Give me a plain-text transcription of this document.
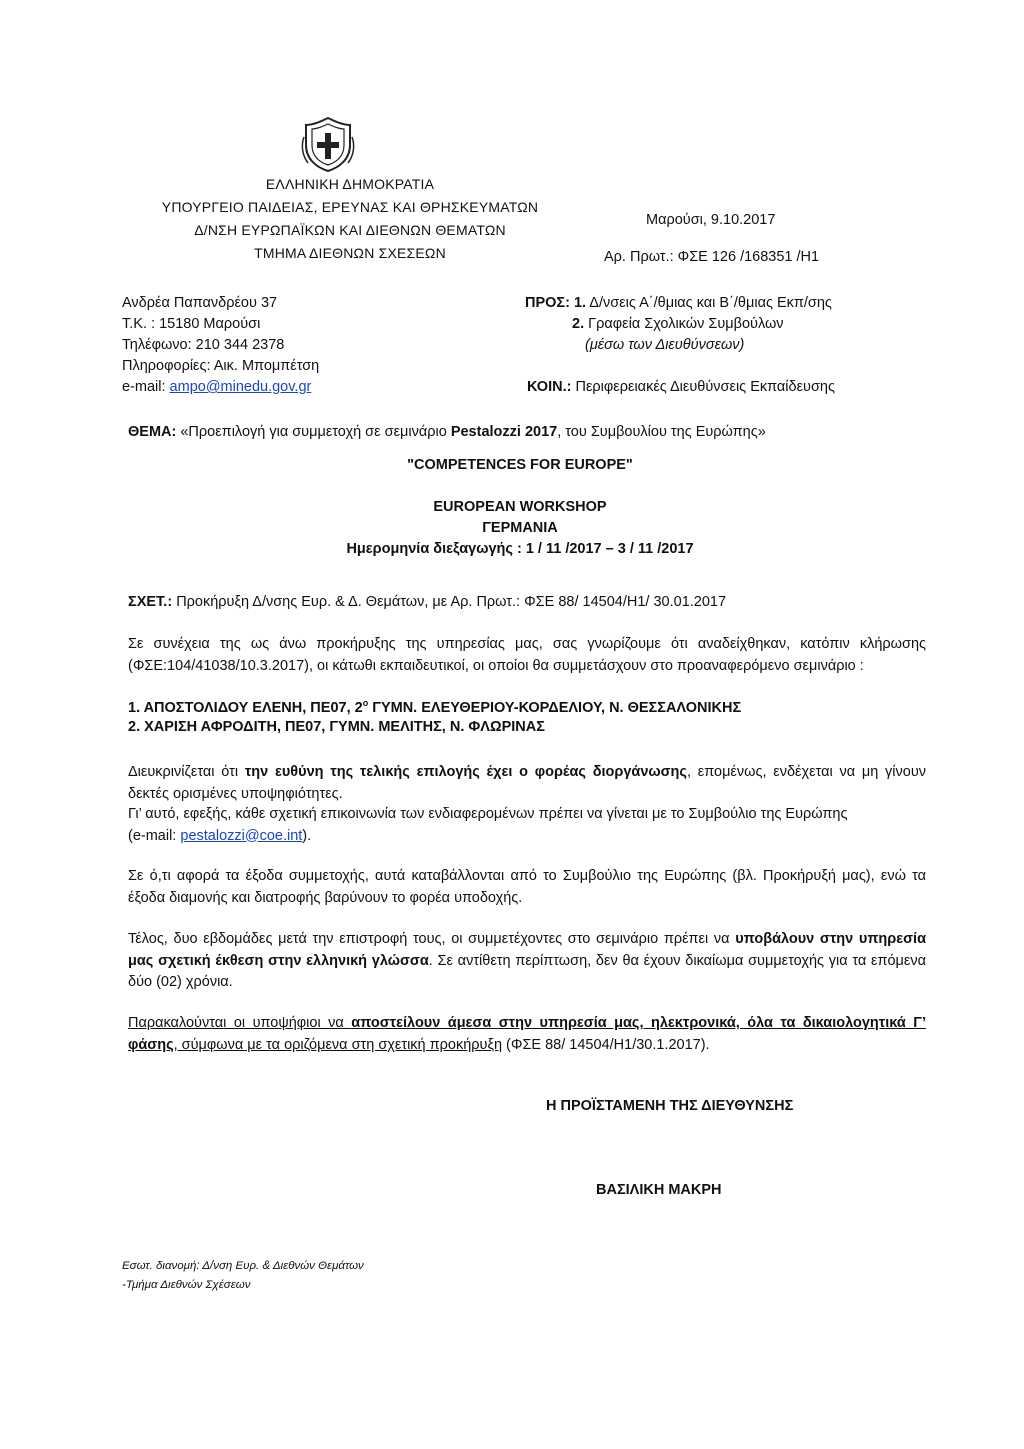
ΕΛΛΗΝΙΚΗ ΔΗΜΟΚΡΑΤΙΑ
ΥΠΟΥΡΓΕΙΟ ΠΑΙΔΕΙΑΣ, ΕΡΕΥΝΑΣ ΚΑΙ ΘΡΗΣΚΕΥΜΑΤΩΝ
Δ/ΝΣΗ ΕΥΡΩΠΑΪΚΩΝ ΚΑΙ ΔΙΕΘΝΩΝ ΘΕΜΑΤΩΝ
ΤΜΗΜΑ ΔΙΕΘΝΩΝ ΣΧΕΣΕΩΝ
Μαρούσι, 9.10.2017
Αρ. Πρωτ.: ΦΣΕ 126 /168351 /Η1
Ανδρέα Παπανδρέου 37
Τ.Κ. : 15180 Μαρούσι
Τηλέφωνο: 210 344 2378
Πληροφορίες: Αικ. Μπομπέτση
e-mail: ampo@minedu.gov.gr
ΠΡΟΣ: 1. Δ/νσεις Α΄/θμιας και Β΄/θμιας Εκπ/σης
2. Γραφεία Σχολικών Συμβούλων
(μέσω των Διευθύνσεων)
ΚΟΙΝ.: Περιφερειακές Διευθύνσεις Εκπαίδευσης
ΘΕΜΑ: «Προεπιλογή για συμμετοχή σε σεμινάριο Pestalozzi 2017, του Συμβουλίου της Ευρώπης»
"COMPETENCES FOR EUROPE"
EUROPEAN WORKSHOP
ΓΕΡΜΑΝΙΑ
Ημερομηνία διεξαγωγής : 1 / 11 /2017 – 3 / 11 /2017
ΣΧΕΤ.: Προκήρυξη Δ/νσης Ευρ. & Δ. Θεμάτων, με Αρ. Πρωτ.: ΦΣΕ 88/ 14504/Η1/ 30.01.2017
Σε συνέχεια της ως άνω προκήρυξης της υπηρεσίας μας, σας γνωρίζουμε ότι αναδείχθηκαν, κατόπιν κλήρωσης (ΦΣΕ:104/41038/10.3.2017), οι κάτωθι εκπαιδευτικοί, οι οποίοι θα συμμετάσχουν στο προαναφερόμενο σεμινάριο :
1. ΑΠΟΣΤΟΛΙΔΟΥ ΕΛΕΝΗ, ΠΕ07, $2^o$ ΓΥΜΝ. ΕΛΕΥΘΕΡΙΟΥ-ΚΟΡΔΕΛΙΟΥ, Ν. ΘΕΣΣΑΛΟΝΙΚΗΣ
2. ΧΑΡΙΣΗ ΑΦΡΟΔΙΤΗ, ΠΕ07, ΓΥΜΝ. ΜΕΛΙΤΗΣ, Ν. ΦΛΩΡΙΝΑΣ
Διευκρινίζεται ότι την ευθύνη της τελικής επιλογής έχει ο φορέας διοργάνωσης, επομένως, ενδέχεται να μη γίνουν δεκτές ορισμένες υποψηφιότητες.
Γι’ αυτό, εφεξής, κάθε σχετική επικοινωνία των ενδιαφερομένων πρέπει να γίνεται με το Συμβούλιο της Ευρώπης
(e-mail: pestalozzi@coe.int).
Σε ό,τι αφορά τα έξοδα συμμετοχής, αυτά καταβάλλονται από το Συμβούλιο της Ευρώπης (βλ. Προκήρυξή μας), ενώ τα έξοδα διαμονής και διατροφής βαρύνουν το φορέα υποδοχής.
Τέλος, δυο εβδομάδες μετά την επιστροφή τους, οι συμμετέχοντες στο σεμινάριο πρέπει να υποβάλουν στην υπηρεσία μας σχετική έκθεση στην ελληνική γλώσσα. Σε αντίθετη περίπτωση, δεν θα έχουν δικαίωμα συμμετοχής για τα επόμενα δύο (02) χρόνια.
Παρακαλούνται οι υποψήφιοι να αποστείλουν άμεσα στην υπηρεσία μας, ηλεκτρονικά, όλα τα δικαιολογητικά Γ’ φάσης, σύμφωνα με τα οριζόμενα στη σχετική προκήρυξη (ΦΣΕ 88/ 14504/Η1/30.1.2017).
Η ΠΡΟΪΣΤΑΜΕΝΗ ΤΗΣ ΔΙΕΥΘΥΝΣΗΣ
ΒΑΣΙΛΙΚΗ ΜΑΚΡΗ
Εσωτ. διανομή: Δ/νση Ευρ. & Διεθνών Θεμάτων
-Τμήμα Διεθνών Σχέσεων
